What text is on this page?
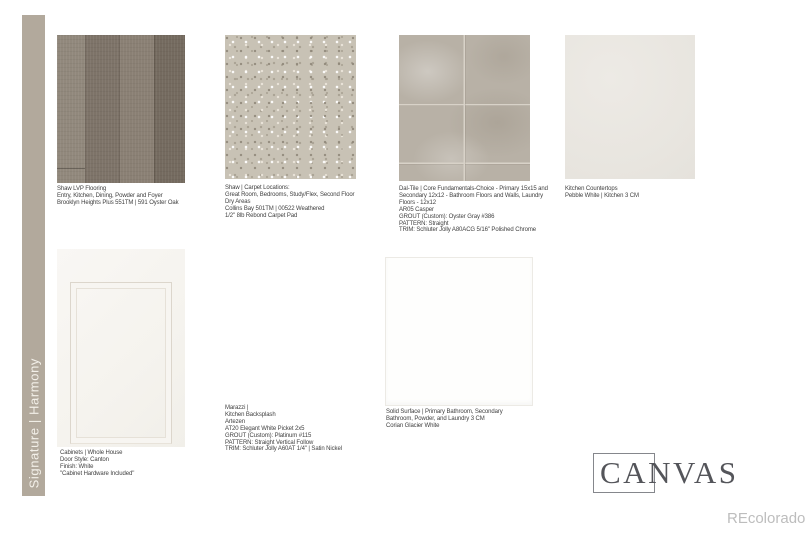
Signature | Harmony
Shaw LVP Flooring
Entry, Kitchen, Dining, Powder and Foyer
Brooklyn Heights Plus 551TM | 591 Oyster Oak
Shaw | Carpet Locations:
Great Room, Bedrooms, Study/Flex, Second Floor
Dry Areas
Collins Bay 501TM | 00522 Weathered
1/2" 8lb Rebond Carpet Pad
Dal-Tile | Core Fundamentals-Choice - Primary 15x15 and
Secondary 12x12 - Bathroom Floors and Walls, Laundry
Floors - 12x12
AR05 Casper
GROUT (Custom): Oyster Gray #386
PATTERN: Straight
TRIM: Schluter Jolly A80ACG 5/16" Polished Chrome
Kitchen Countertops
Pebble White | Kitchen 3 CM
Cabinets | Whole House
Door Style: Canton
Finish: White
"Cabinet Hardware Included"
Marazzi |
Kitchen Backsplash
Artezen
AT20 Elegant White Picket 2x5
GROUT (Custom): Platinum #115
PATTERN: Straight Vertical Follow
TRIM: Schluter Jolly A60AT 1/4" | Satin Nickel
Solid Surface | Primary Bathroom, Secondary
Bathroom, Powder, and Laundry 3 CM
Corian Glacier White
CANVAS
REcolorado
